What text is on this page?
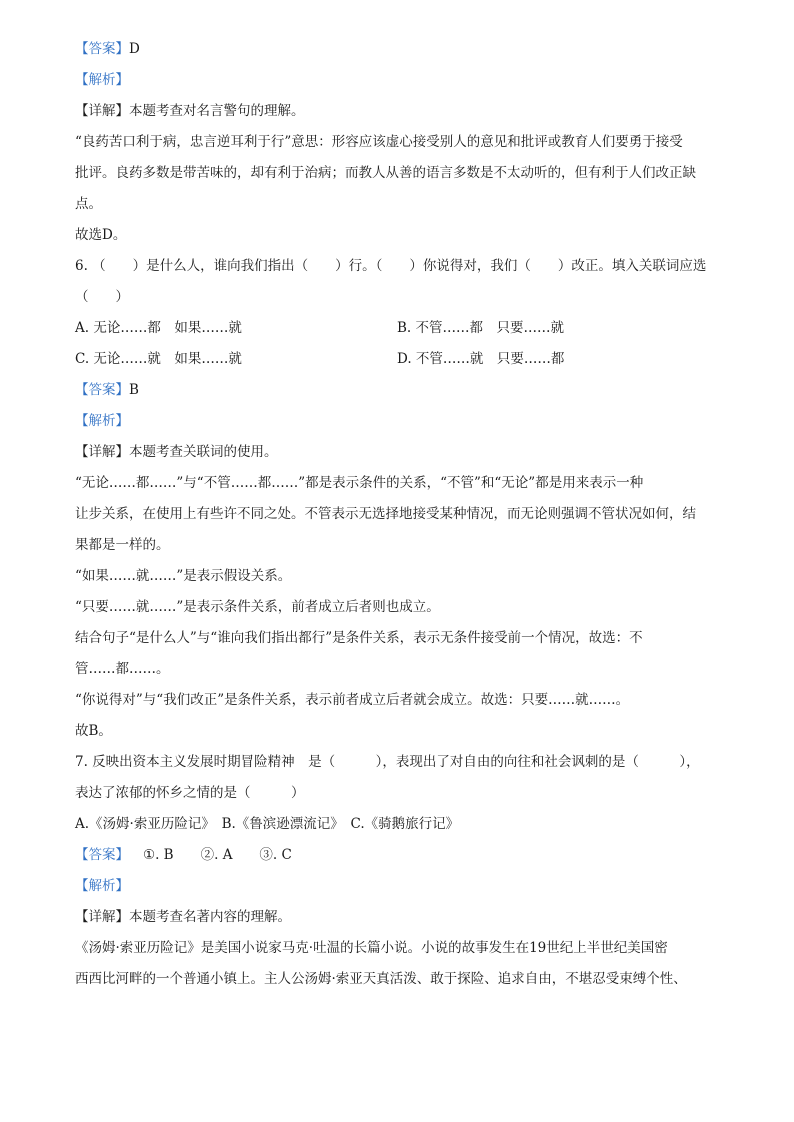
【答案】D
【解析】
【详解】本题考查对名言警句的理解。
“良药苦口利于病，忠言逆耳利于行”意思：形容应该虚心接受别人的意见和批评或教育人们要勇于接受
批评。良药多数是带苦味的，却有利于治病；而教人从善的语言多数是不太动听的，但有利于人们改正缺
点。
故选D。
6. （　　）是什么人，谁向我们指出（　　）行。（　　）你说得对，我们（　　）改正。填入关联词应选
（　　）
A. 无论……都　如果……就	B. 不管……都　只要……就
C. 无论……就　如果……就	D. 不管……就　只要……都
【答案】B
【解析】
【详解】本题考查关联词的使用。
“无论……都……”与“不管……都……”都是表示条件的关系，“不管”和“无论”都是用来表示一种
让步关系，在使用上有些许不同之处。不管表示无选择地接受某种情况，而无论则强调不管状况如何，结
果都是一样的。
“如果……就……”是表示假设关系。
“只要……就……”是表示条件关系，前者成立后者则也成立。
结合句子“是什么人”与“谁向我们指出都行”是条件关系，表示无条件接受前一个情况，故选：不
管……都……。
“你说得对”与“我们改正”是条件关系，表示前者成立后者就会成立。故选：只要……就……。
故B。
7. 反映出资本主义发展时期冒险精神　是（　　　），表现出了对自由的向往和社会讽刺的是（　　　），
表达了浓郁的怀乡之情的是（　　　）
A.《汤姆·索亚历险记》　B.《鲁滨逊漂流记》　C.《骑鹅旅行记》
【答案】 ①. B　　②. A　　③. C
【解析】
【详解】本题考查名著内容的理解。
《汤姆·索亚历险记》是美国小说家马克·吐温的长篇小说。小说的故事发生在19世纪上半世纪美国密
西西比河畔的一个普通小镇上。主人公汤姆·索亚天真活泼、敢于探险、追求自由，不堪忍受束缚个性、
